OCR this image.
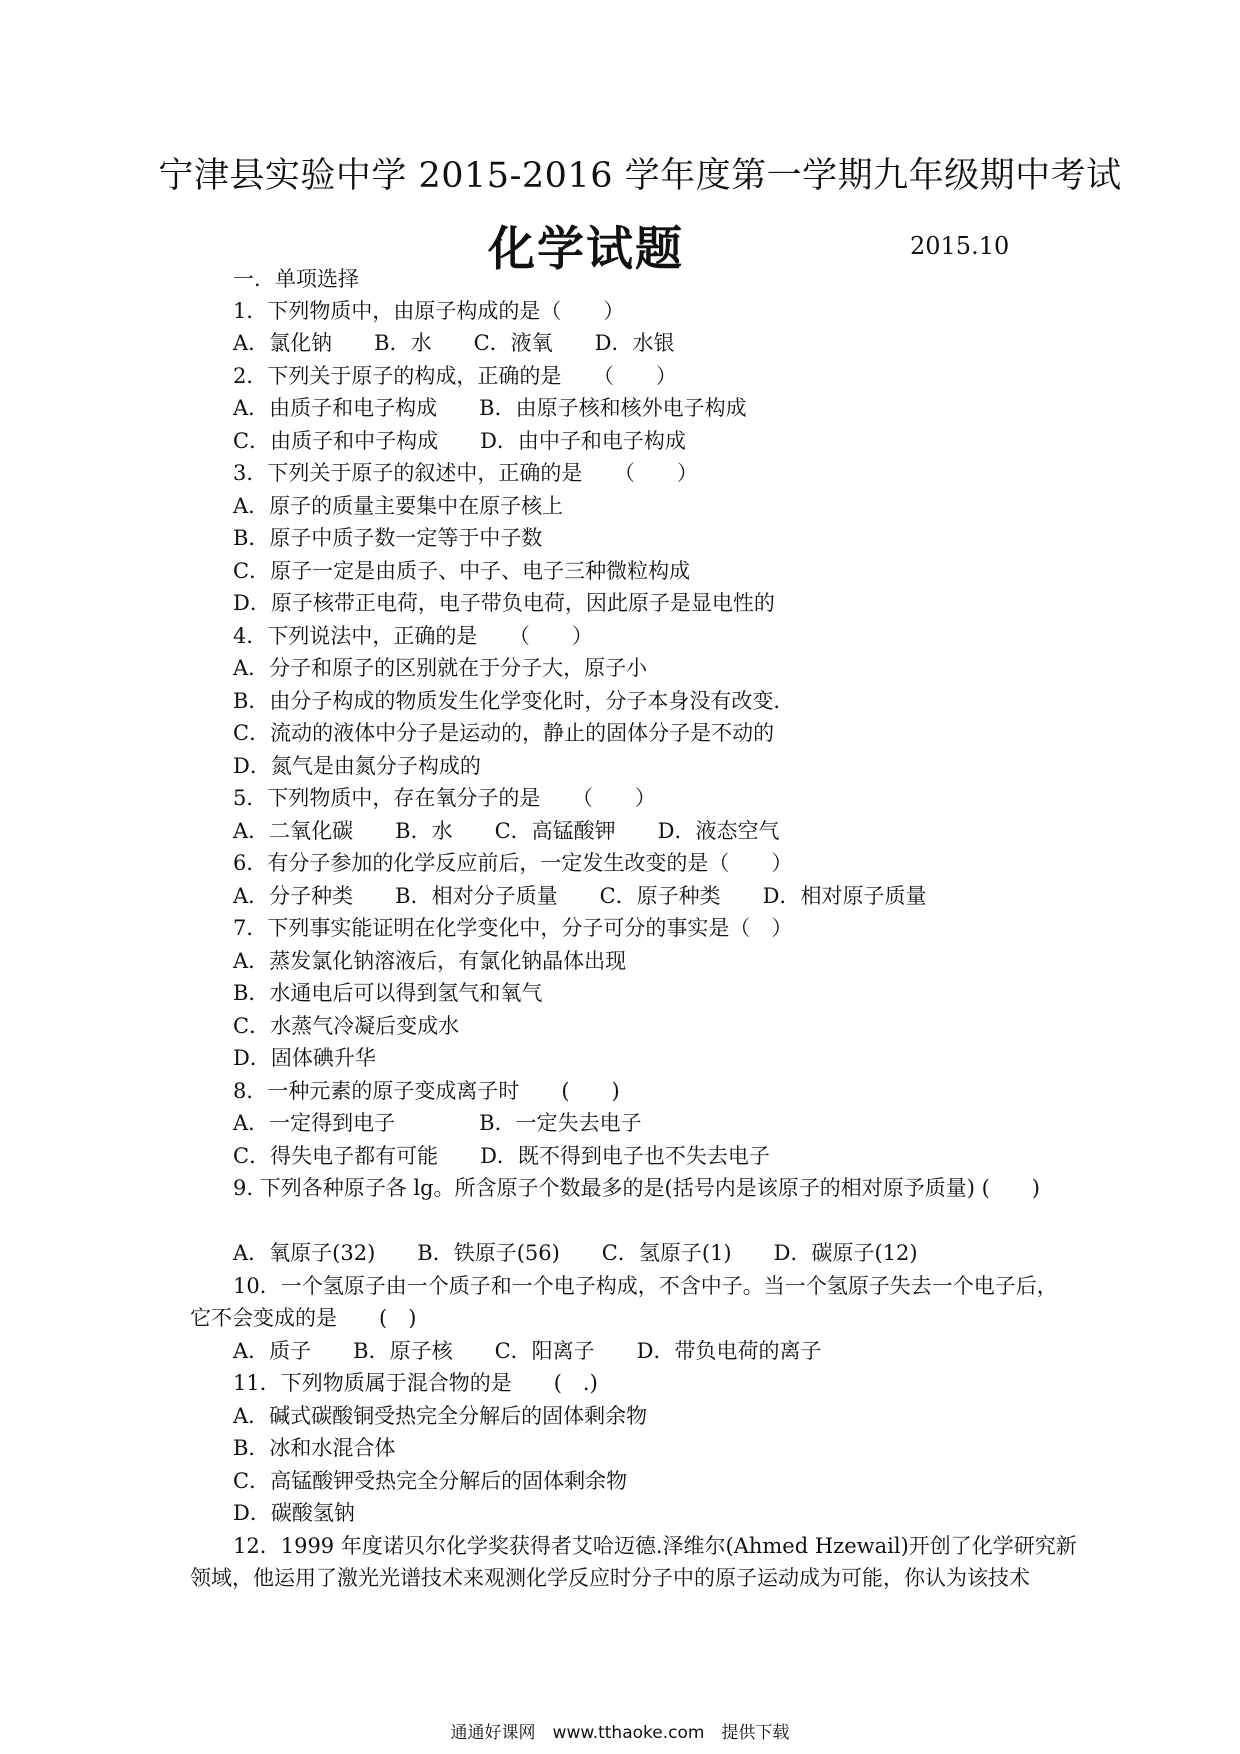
宁津县实验中学 2015-2016 学年度第一学期九年级期中考试
化学试题	2015.10
一．单项选择
1．下列物质中，由原子构成的是（　　）
A．氯化钠　　B．水　　C．液氧　　D．水银
2．下列关于原子的构成，正确的是　　（　　）
A．由质子和电子构成　　B．由原子核和核外电子构成
C．由质子和中子构成　　D．由中子和电子构成
3．下列关于原子的叙述中，正确的是　　（　　）
A．原子的质量主要集中在原子核上
B．原子中质子数一定等于中子数
C．原子一定是由质子、中子、电子三种微粒构成
D．原子核带正电荷，电子带负电荷，因此原子是显电性的
4．下列说法中，正确的是　　（　　）
A．分子和原子的区别就在于分子大，原子小
B．由分子构成的物质发生化学变化时，分子本身没有改变.
C．流动的液体中分子是运动的，静止的固体分子是不动的
D．氮气是由氮分子构成的
5．下列物质中，存在氧分子的是　　（　　）
A．二氧化碳　　B．水　　C．高锰酸钾　　D．液态空气
6．有分子参加的化学反应前后，一定发生改变的是（　　）
A．分子种类　　B．相对分子质量　　C．原子种类　　D．相对原子质量
7．下列事实能证明在化学变化中，分子可分的事实是（　）
A．蒸发氯化钠溶液后，有氯化钠晶体出现
B．水通电后可以得到氢气和氧气
C．水蒸气冷凝后变成水
D．固体碘升华
8．一种元素的原子变成离子时　　(　　)
A．一定得到电子　　　　B．一定失去电子
C．得失电子都有可能　　D．既不得到电子也不失去电子
9. 下列各种原子各 lg。所含原子个数最多的是(括号内是该原子的相对原予质量) (　　)
A．氧原子(32)　　B．铁原子(56)　　C．氢原子(1)　　D．碳原子(12)
10．一个氢原子由一个质子和一个电子构成，不含中子。当一个氢原子失去一个电子后，
它不会变成的是　　(　)
A．质子　　B．原子核　　C．阳离子　　D．带负电荷的离子
11．下列物质属于混合物的是　　(　.)
A．碱式碳酸铜受热完全分解后的固体剩余物
B．冰和水混合体
C．高锰酸钾受热完全分解后的固体剩余物
D．碳酸氢钠
12．1999 年度诺贝尔化学奖获得者艾哈迈德.泽维尔(Ahmed Hzewail)开创了化学研究新
领域，他运用了激光光谱技术来观测化学反应时分子中的原子运动成为可能，你认为该技术
通通好课网　www.tthaoke.com　提供下载
